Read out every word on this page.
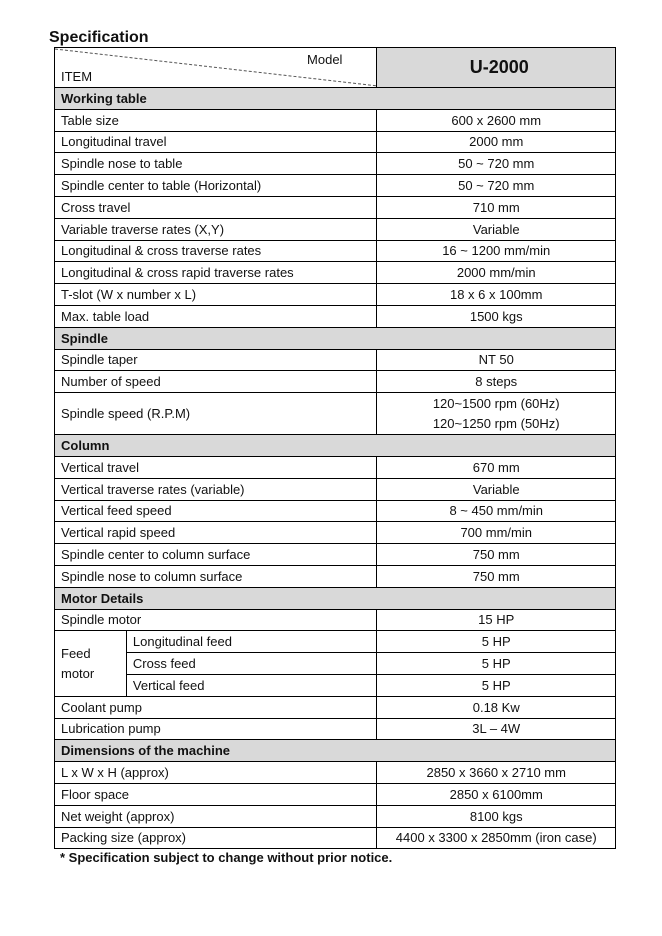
Specification
Model
ITEM		U-2000
Working table		
Table size		600 x 2600 mm
Longitudinal travel		2000 mm
Spindle nose to table		50 ~ 720 mm
Spindle center to table (Horizontal)		50 ~ 720 mm
Cross travel		710 mm
Variable traverse rates (X,Y)		Variable
Longitudinal & cross traverse rates		16 ~ 1200 mm/min
Longitudinal & cross rapid traverse rates		2000 mm/min
T-slot (W x number x L)		18 x 6 x 100mm
Max. table load		1500 kgs
Spindle		
Spindle taper		NT 50
Number of speed		8 steps
Spindle speed (R.P.M)		120~1500 rpm (60Hz)
120~1250 rpm (50Hz)

Column		
Vertical travel		670 mm
Vertical traverse rates (variable)		Variable
Vertical feed speed		8 ~ 450 mm/min
Vertical rapid speed		700 mm/min
Spindle center to column surface		750 mm
Spindle nose to column surface		750 mm
Motor Details		
Spindle motor		15 HP

Feed
motor	Longitudinal feed	5 HP
	Cross feed	5 HP
	Vertical feed	5 HP
Coolant pump		0.18 Kw
Lubrication pump		3L – 4W
Dimensions of the machine		
L x W x H (approx)		2850 x 3660 x 2710 mm
Floor space		2850 x 6100mm
Net weight (approx)		8100 kgs
Packing size (approx)		4400 x 3300 x 2850mm (iron case)
* Specification subject to change without prior notice.
